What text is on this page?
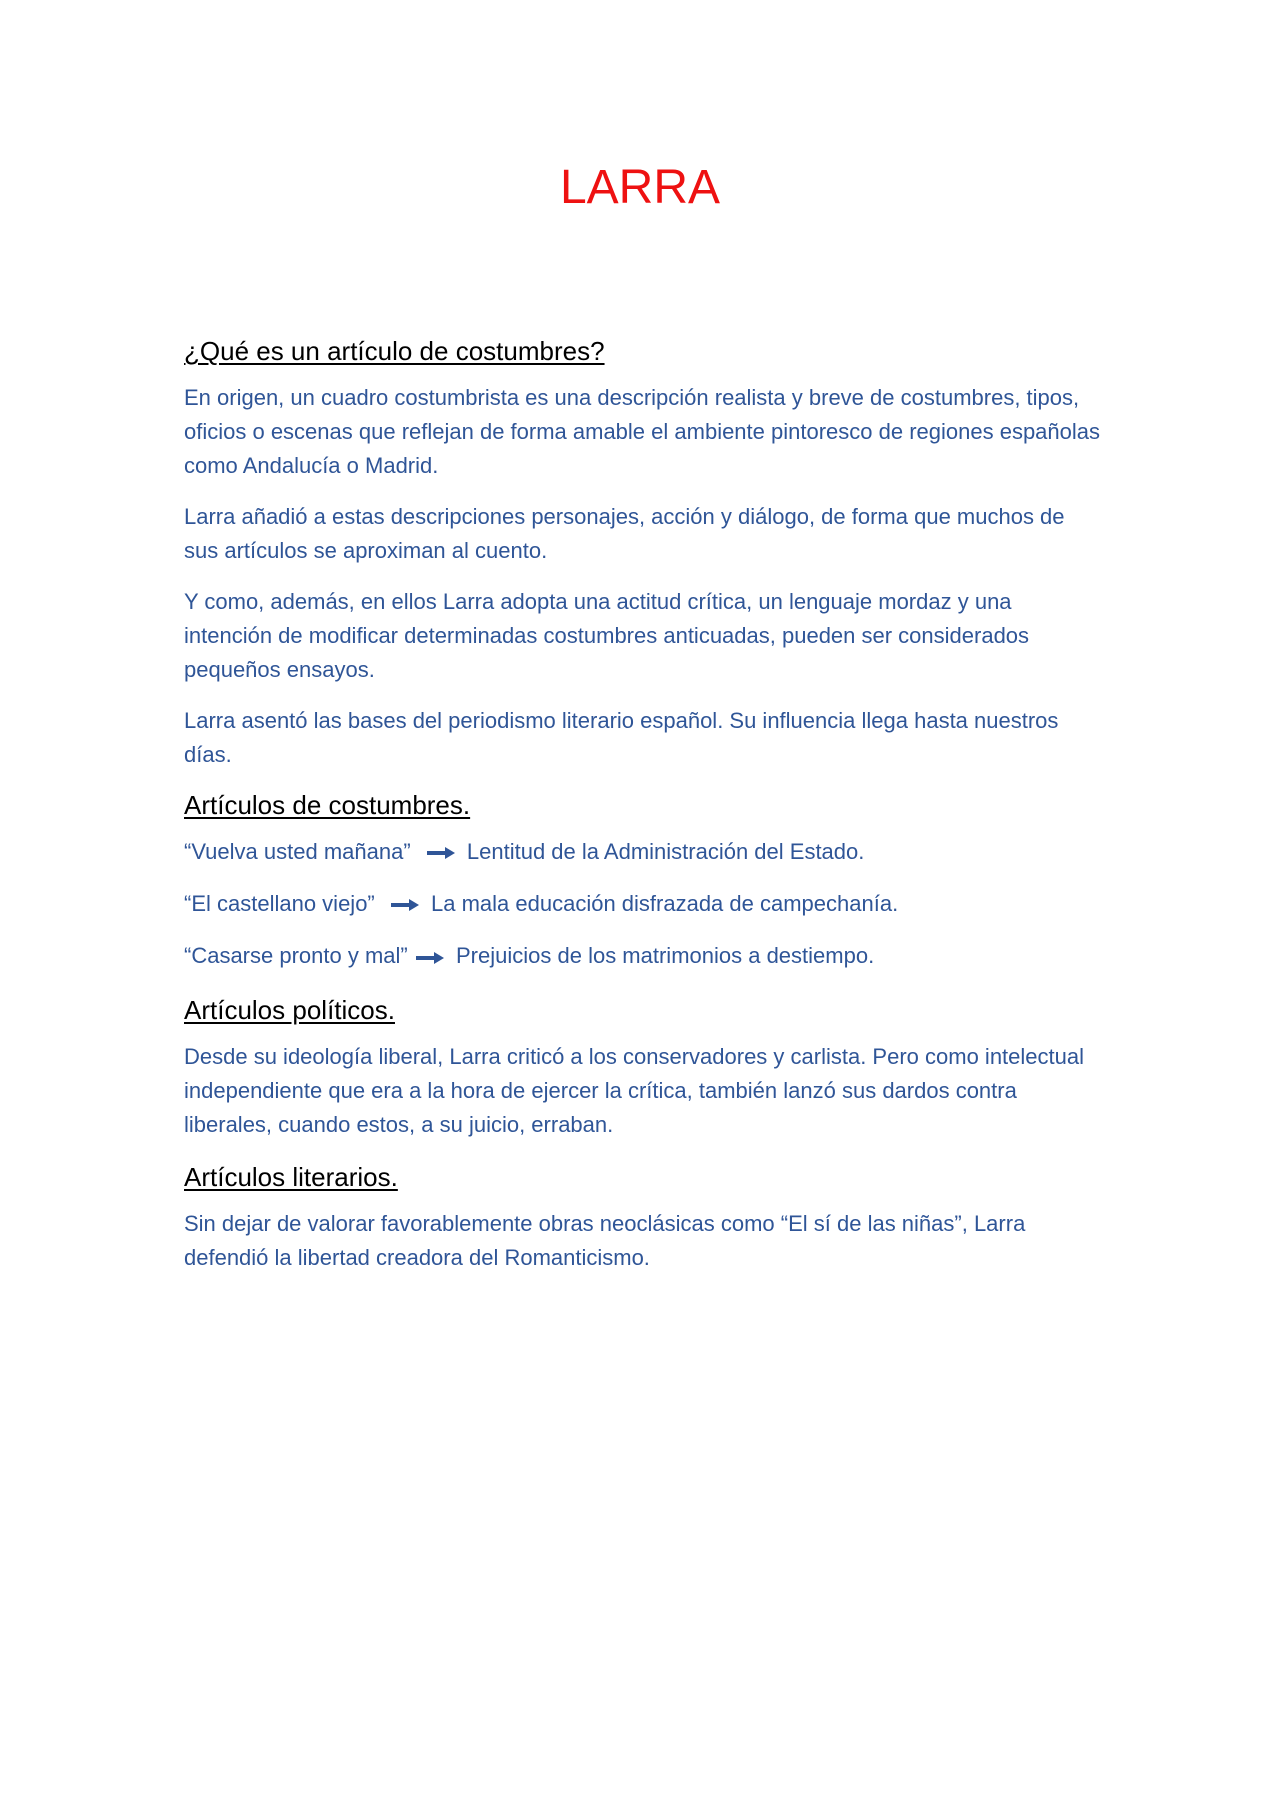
LARRA
¿Qué es un artículo de costumbres?

En origen, un cuadro costumbrista es una descripción realista y breve de costumbres, tipos, oficios o escenas que reflejan de forma amable el ambiente pintoresco de regiones españolas como Andalucía o Madrid.

Larra añadió a estas descripciones personajes, acción y diálogo, de forma que muchos de sus artículos se aproximan al cuento.

Y como, además, en ellos Larra adopta una actitud crítica, un lenguaje mordaz y una intención de modificar determinadas costumbres anticuadas, pueden ser considerados pequeños ensayos.

Larra asentó las bases del periodismo literario español. Su influencia llega hasta nuestros días.

Artículos de costumbres.

“Vuelva usted mañana”	Lentitud de la Administración del Estado.

“El castellano viejo”	La mala educación disfrazada de campechanía.

“Casarse pronto y mal” Prejuicios de los matrimonios a destiempo.

Artículos políticos.

Desde su ideología liberal, Larra criticó a los conservadores y carlista. Pero como intelectual independiente que era a la hora de ejercer la crítica, también lanzó sus dardos contra liberales, cuando estos, a su juicio, erraban.

Artículos literarios.

Sin dejar de valorar favorablemente obras neoclásicas como “El sí de las niñas”, Larra defendió la libertad creadora del Romanticismo.
